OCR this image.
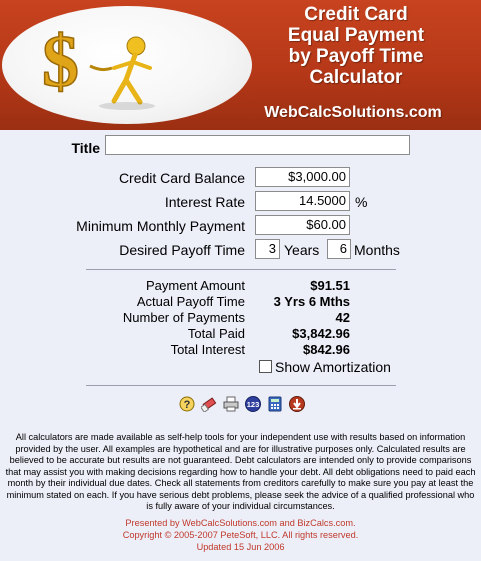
$
Credit Card
Equal Payment
by Payoff Time
Calculator
WebCalcSolutions.com
Title
Credit Card Balance	$3,000.00
Interest Rate	14.5000 %
Minimum Monthly Payment	$60.00
Desired Payoff Time	3 Years	6 Months
Payment Amount	$91.51
Actual Payoff Time	3 Yrs 6 Mths
Number of Payments	42
Total Paid	$3,842.96
Total Interest	$842.96
Show Amortization
?	123
All calculators are made available as self-help tools for your independent use with results based on information provided by the user. All examples are hypothetical and are for illustrative purposes only. Calculated results are believed to be accurate but results are not guaranteed. Debt calculators are intended only to provide comparisons that may assist you with making decisions regarding how to handle your debt. All debt obligations need to paid each month by their individual due dates. Check all statements from creditors carefully to make sure you pay at least the minimum stated on each. If you have serious debt problems, please seek the advice of a qualified professional who is fully aware of your individual circumstances.
Presented by WebCalcSolutions.com and BizCalcs.com.
Copyright © 2005-2007 PeteSoft, LLC. All rights reserved.
Updated 15 Jun 2006
